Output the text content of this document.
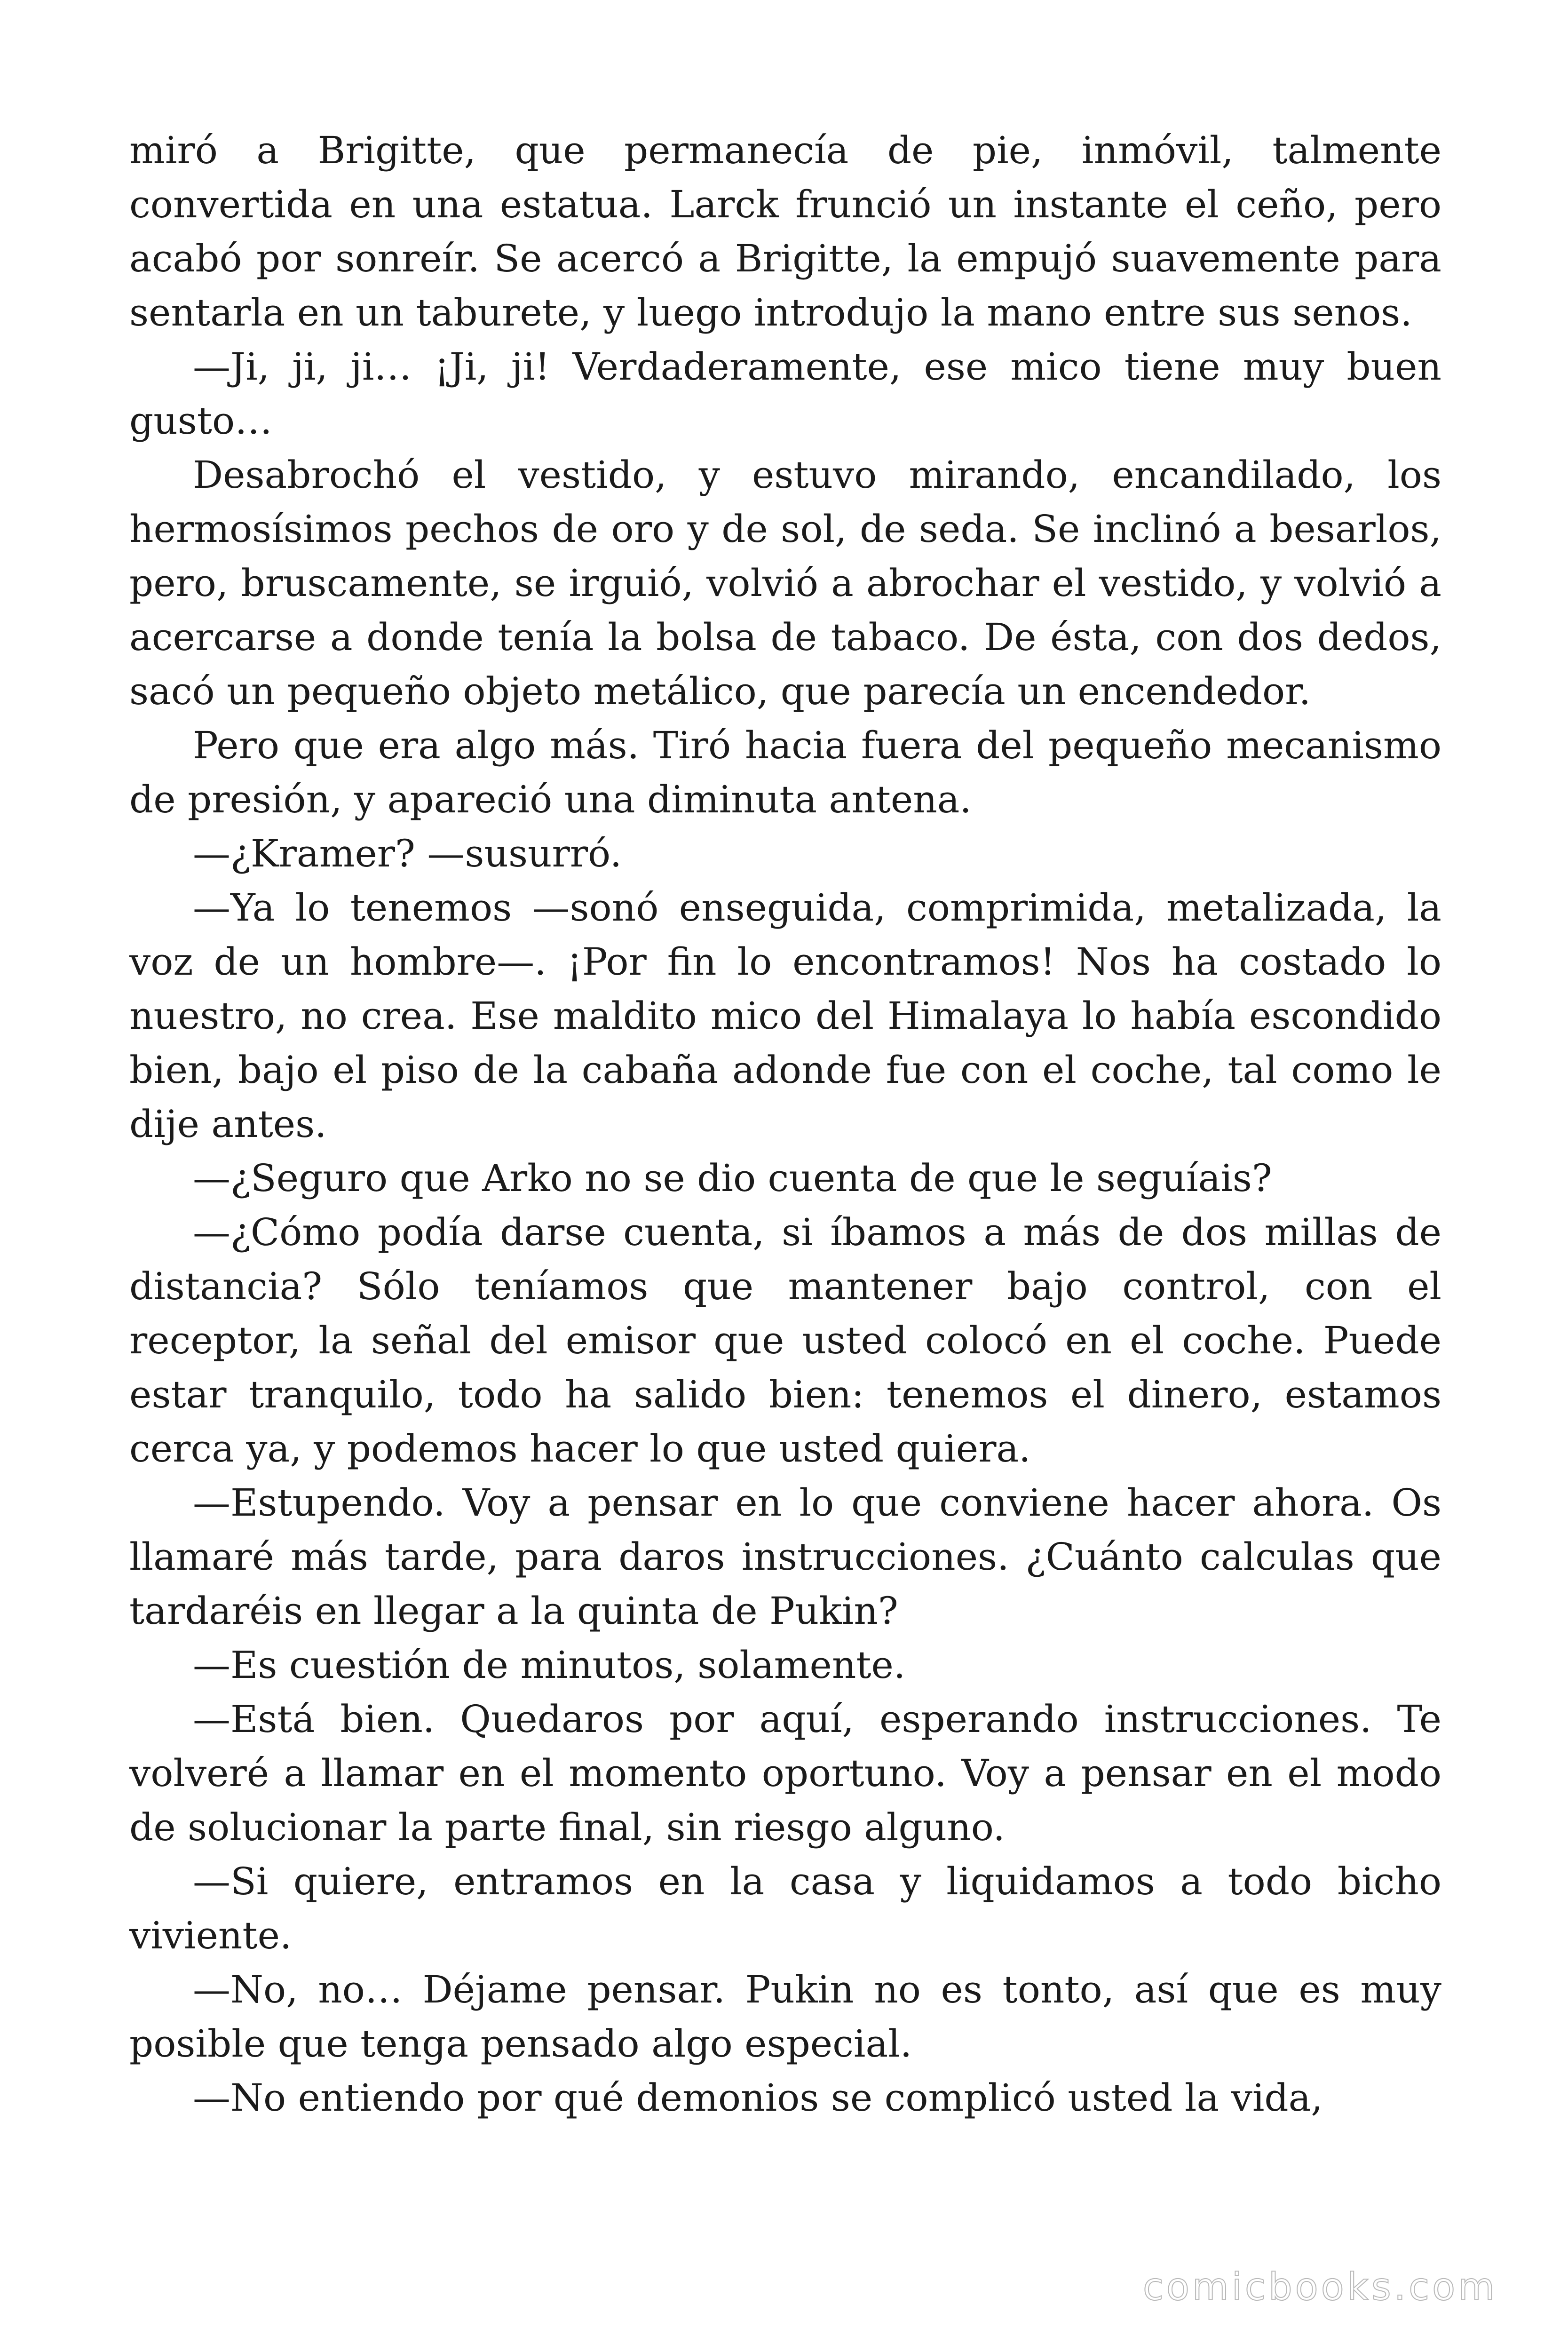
miró a Brigitte, que permanecía de pie, inmóvil, talmente convertida en una estatua. Larck frunció un instante el ceño, pero acabó por sonreír. Se acercó a Brigitte, la empujó suavemente para sentarla en un taburete, y luego introdujo la mano entre sus senos.

—Ji, ji, ji… ¡Ji, ji! Verdaderamente, ese mico tiene muy buen gusto…

Desabrochó el vestido, y estuvo mirando, encandilado, los hermosísimos pechos de oro y de sol, de seda. Se inclinó a besarlos, pero, bruscamente, se irguió, volvió a abrochar el vestido, y volvió a acercarse a donde tenía la bolsa de tabaco. De ésta, con dos dedos, sacó un pequeño objeto metálico, que parecía un encendedor.

Pero que era algo más. Tiró hacia fuera del pequeño mecanismo de presión, y apareció una diminuta antena.

—¿Kramer? —susurró.

—Ya lo tenemos —sonó enseguida, comprimida, metalizada, la voz de un hombre—. ¡Por fin lo encontramos! Nos ha costado lo nuestro, no crea. Ese maldito mico del Himalaya lo había escondido bien, bajo el piso de la cabaña adonde fue con el coche, tal como le dije antes.

—¿Seguro que Arko no se dio cuenta de que le seguíais?

—¿Cómo podía darse cuenta, si íbamos a más de dos millas de distancia? Sólo teníamos que mantener bajo control, con el receptor, la señal del emisor que usted colocó en el coche. Puede estar tranquilo, todo ha salido bien: tenemos el dinero, estamos cerca ya, y podemos hacer lo que usted quiera.

—Estupendo. Voy a pensar en lo que conviene hacer ahora. Os llamaré más tarde, para daros instrucciones. ¿Cuánto calculas que tardaréis en llegar a la quinta de Pukin?

—Es cuestión de minutos, solamente.

—Está bien. Quedaros por aquí, esperando instrucciones. Te volveré a llamar en el momento oportuno. Voy a pensar en el modo de solucionar la parte final, sin riesgo alguno.

—Si quiere, entramos en la casa y liquidamos a todo bicho viviente.

—No, no… Déjame pensar. Pukin no es tonto, así que es muy posible que tenga pensado algo especial.

—No entiendo por qué demonios se complicó usted la vida,

comicbooks.com
